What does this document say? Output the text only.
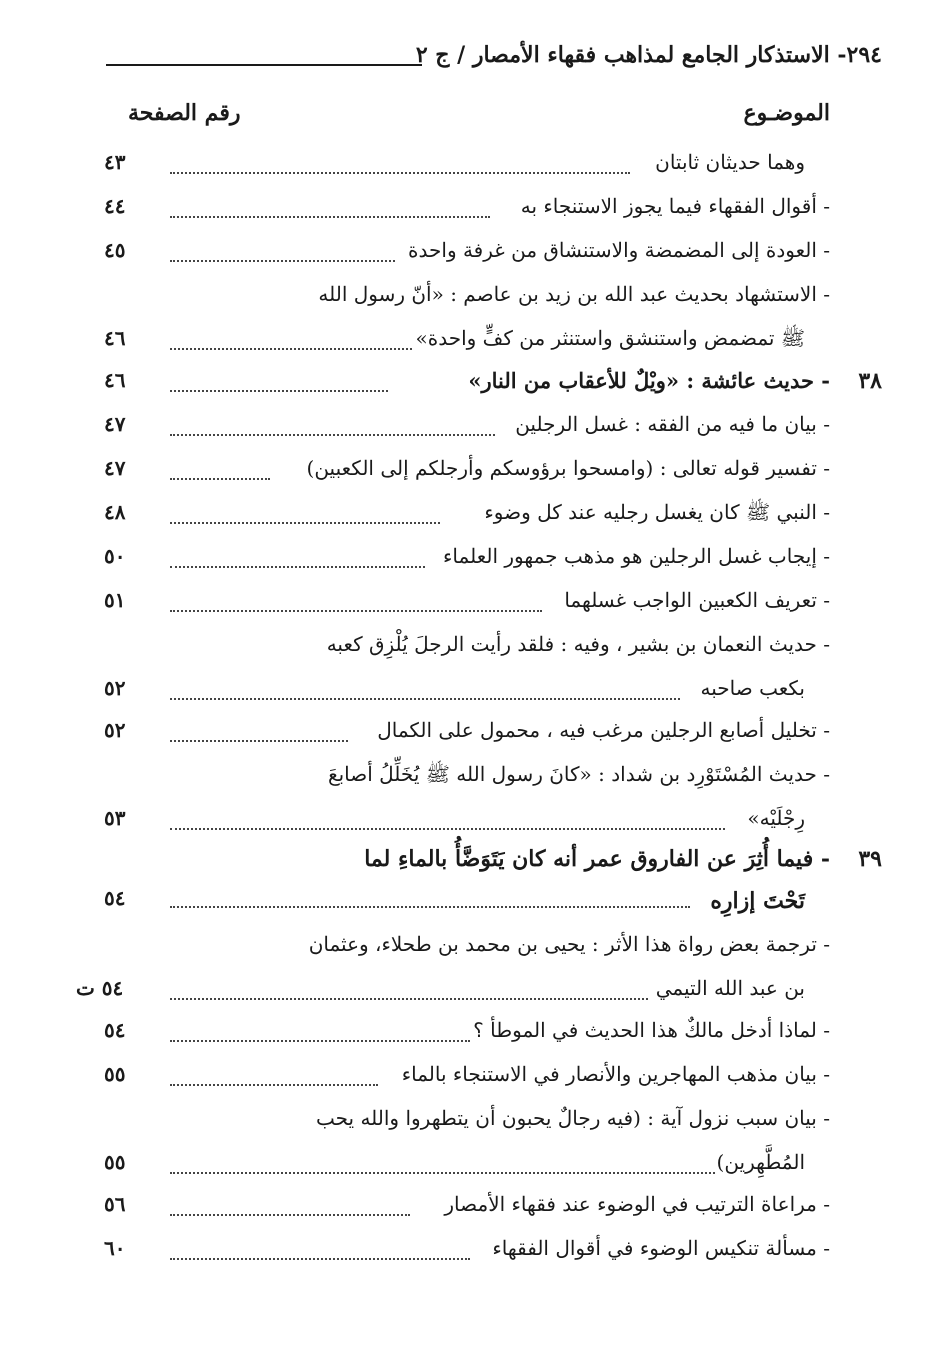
٢٩٤- الاستذكار الجامع لمذاهب فقهاء الأمصار / ج ٢
الموضـوع
رقم الصفحة
وهما حديثان ثابتان
٤٣
- أقوال الفقهاء فيما يجوز الاستنجاء به
٤٤
- العودة إلى المضمضة والاستنشاق من غرفة واحدة
٤٥
- الاستشهاد بحديث عبد الله بن زيد بن عاصم : «أنّ رسول الله
ﷺ تمضمض واستنشق واستنثر من كفٍّ واحدة»
٤٦
٣٨
- حديث عائشة : «ويْلٌ للأعقاب من النار»
٤٦
- بيان ما فيه من الفقه : غسل الرجلين
٤٧
- تفسير قوله تعالى : (وامسحوا برؤوسكم وأرجلكم إلى الكعبين)
٤٧
- النبي ﷺ كان يغسل رجليه عند كل وضوء
٤٨
- إيجاب غسل الرجلين هو مذهب جمهور العلماء
٥٠
- تعريف الكعبين الواجب غسلهما
٥١
- حديث النعمان بن بشير ، وفيه : فلقد رأيت الرجلَ يُلْزِق كعبه
بكعب صاحبه
٥٢
- تخليل أصابع الرجلين مرغب فيه ، محمول على الكمال
٥٢
- حديث المُسْتَوْرِد بن شداد : «كانَ رسول الله ﷺ يُخَلِّلُ أصابعَ
رِجْلَيْه»
٥٣
٣٩
- فيما أُثِرَ عن الفاروق عمر أنه كان يَتَوَضَّأُ بالماءِ لما
تَحْتَ إزارِه
٥٤
- ترجمة بعض رواة هذا الأثر : يحيى بن محمد بن طحلاء، وعثمان
بن عبد الله التيمي
٥٤ ت
- لماذا أدخل مالكٌ هذا الحديث في الموطأ ؟
٥٤
- بيان مذهب المهاجرين والأنصار في الاستنجاء بالماء
٥٥
- بيان سبب نزول آية : (فيه رجالٌ يحبون أن يتطهروا والله يحب
المُطَّهِرين)
٥٥
- مراعاة الترتيب في الوضوء عند فقهاء الأمصار
٥٦
- مسألة تنكيس الوضوء في أقوال الفقهاء
٦٠
